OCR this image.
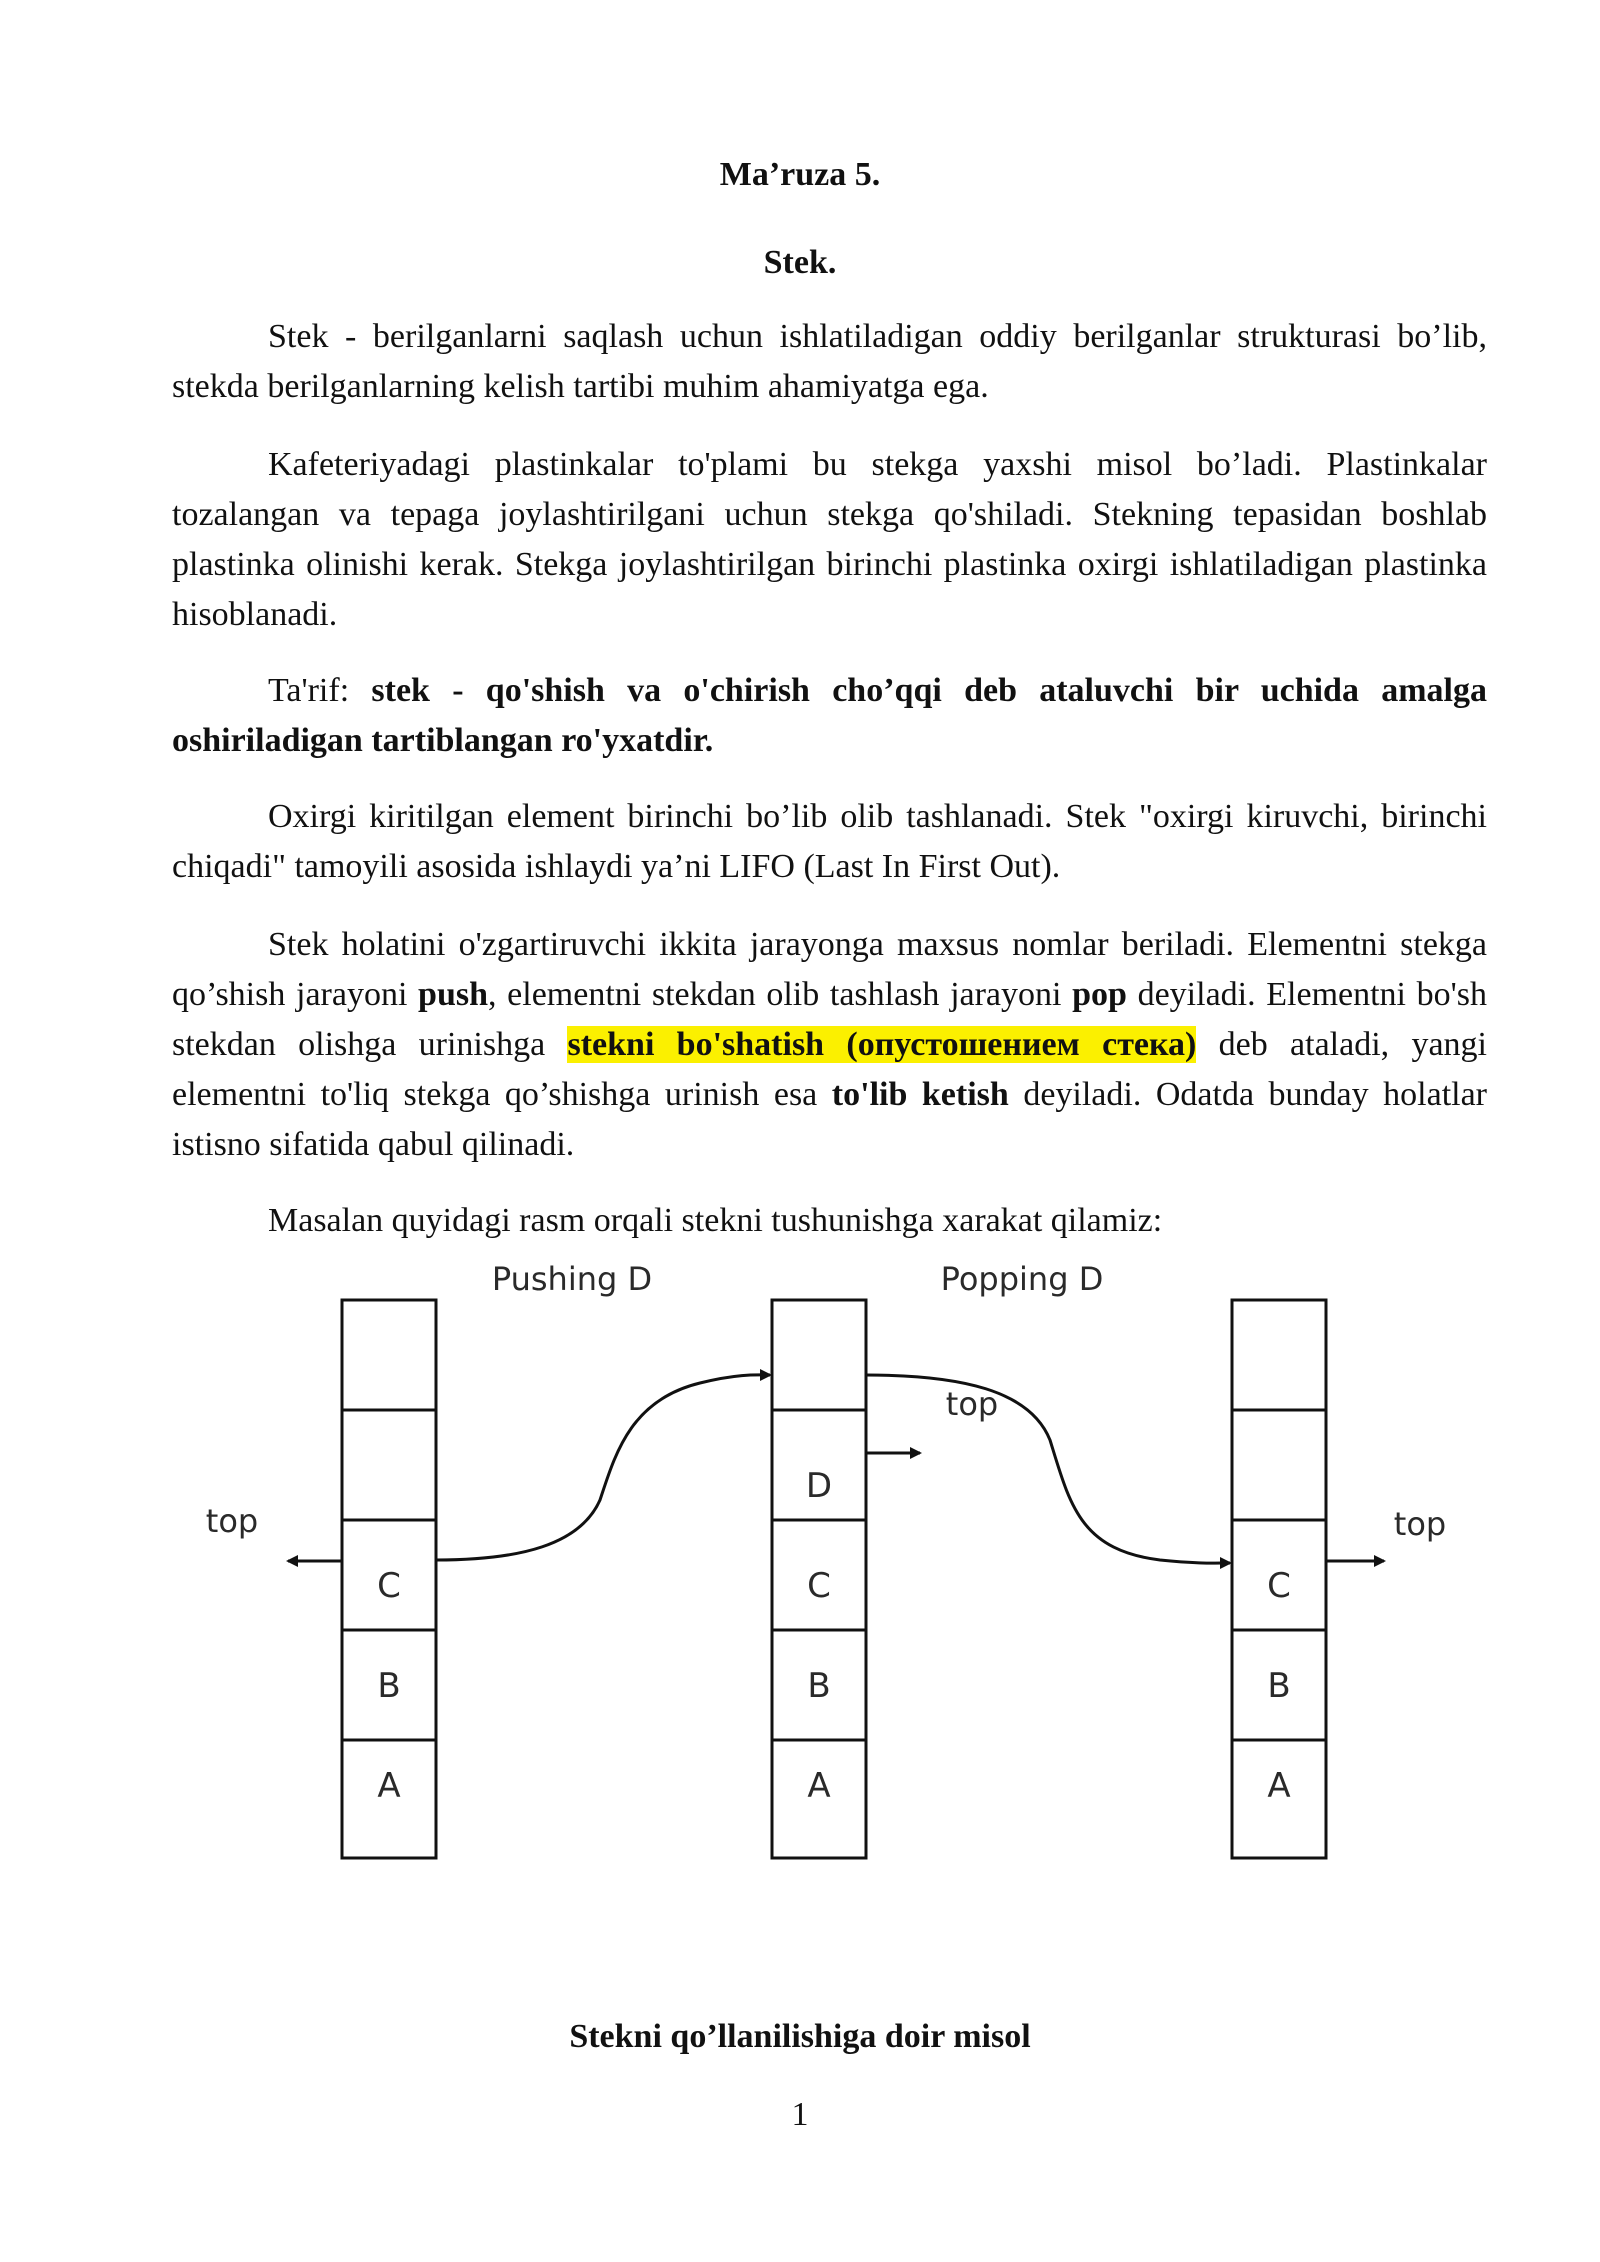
Ma’ruza 5.

Stek.

Stek - berilganlarni saqlash uchun ishlatiladigan oddiy berilganlar strukturasi bo’lib, stekda berilganlarning kelish tartibi muhim ahamiyatga ega.

Kafeteriyadagi plastinkalar to'plami bu stekga yaxshi misol bo’ladi. Plastinkalar tozalangan va tepaga joylashtirilgani uchun stekga qo'shiladi. Stekning tepasidan boshlab plastinka olinishi kerak. Stekga joylashtirilgan birinchi plastinka oxirgi ishlatiladigan plastinka hisoblanadi.

Ta'rif: stek - qo'shish va o'chirish cho’qqi deb ataluvchi bir uchida amalga oshiriladigan tartiblangan ro'yxatdir.

Oxirgi kiritilgan element birinchi bo’lib olib tashlanadi. Stek "oxirgi kiruvchi, birinchi chiqadi" tamoyili asosida ishlaydi ya’ni LIFO (Last In First Out).

Stek holatini o'zgartiruvchi ikkita jarayonga maxsus nomlar beriladi. Elementni stekga qo’shish jarayoni push, elementni stekdan olib tashlash jarayoni pop deyiladi. Elementni bo'sh stekdan olishga urinishga stekni bo'shatish (опустошением стека) deb ataladi, yangi elementni to'liq stekga qo’shishga urinish esa to'lib ketish deyiladi. Odatda bunday holatlar istisno sifatida qabul qilinadi.

Masalan quyidagi rasm orqali stekni tushunishga xarakat qilamiz:

Pushing D	Popping D
C
B
A
D
C
B
A
C
B
A
top
top
top

Stekni qo’llanilishiga doir misol

1
